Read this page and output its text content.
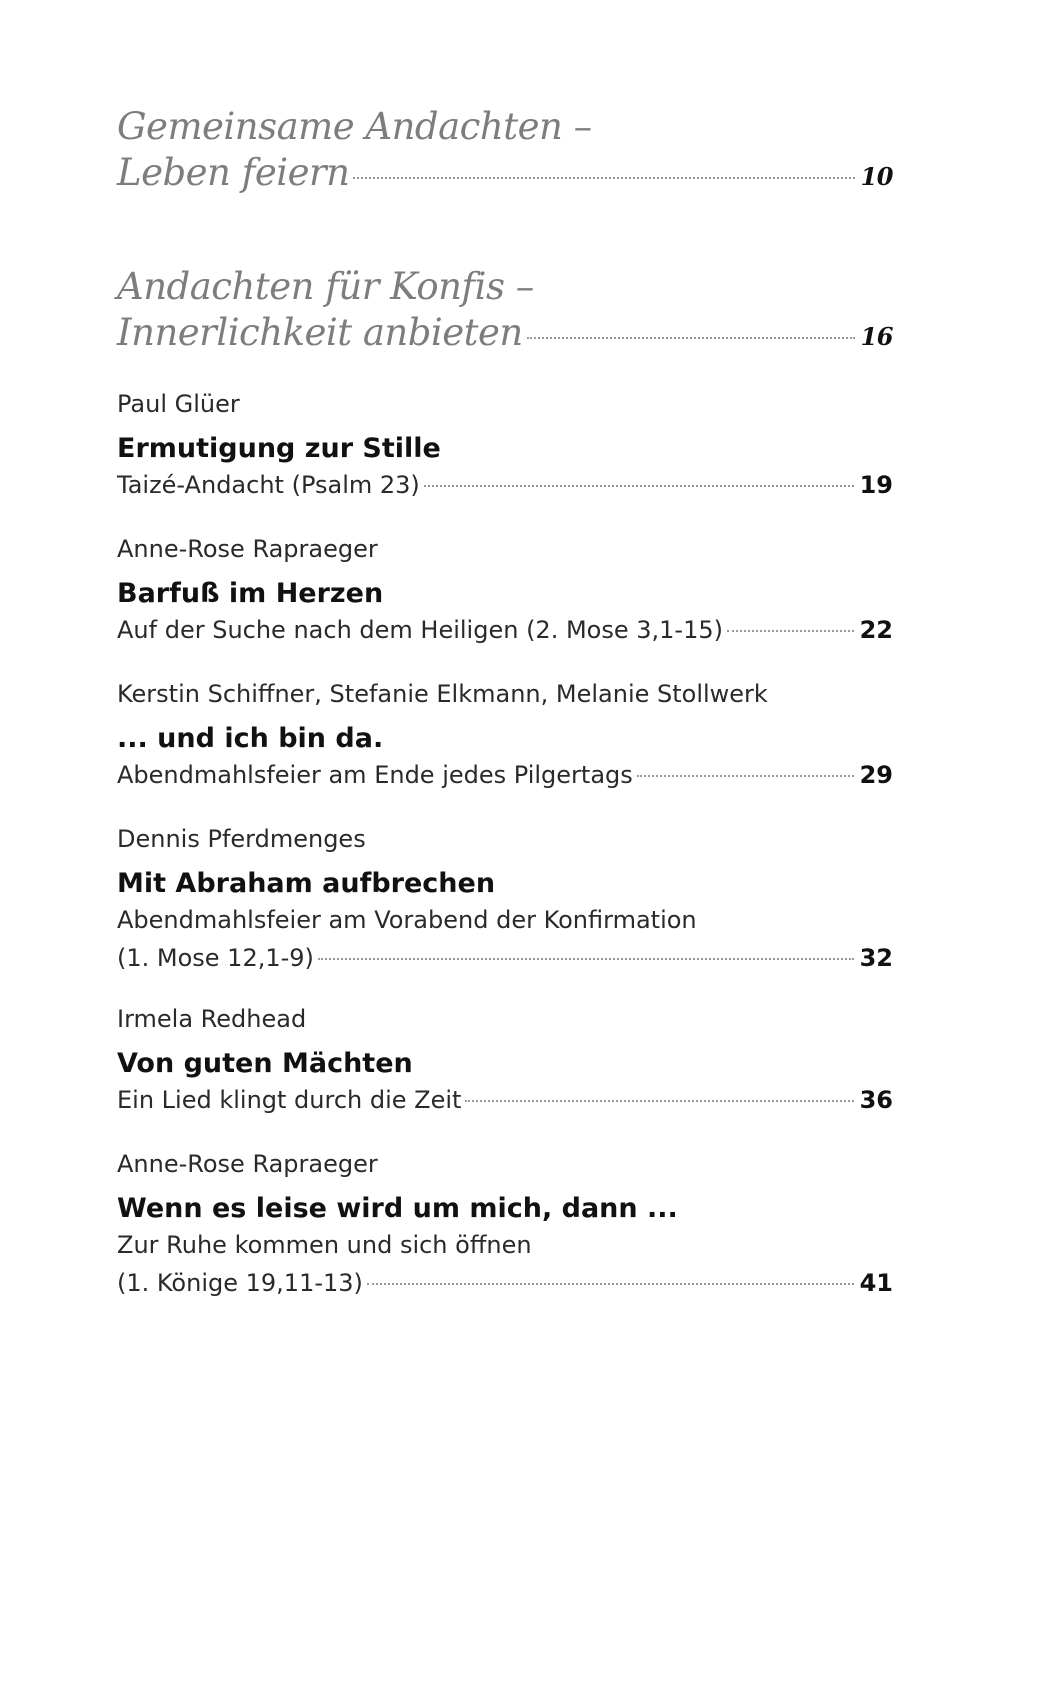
Gemeinsame Andachten –
Leben feiern	10
Andachten für Konfis –
Innerlichkeit anbieten	16
Paul Glüer
Ermutigung zur Stille
Taizé-Andacht (Psalm 23)	19
Anne-Rose Rapraeger
Barfuß im Herzen
Auf der Suche nach dem Heiligen (2. Mose 3,1-15)	22
Kerstin Schiffner, Stefanie Elkmann, Melanie Stollwerk
... und ich bin da.
Abendmahlsfeier am Ende jedes Pilgertags	29
Dennis Pferdmenges
Mit Abraham aufbrechen
Abendmahlsfeier am Vorabend der Konfirmation
(1. Mose 12,1-9)	32
Irmela Redhead
Von guten Mächten
Ein Lied klingt durch die Zeit	36
Anne-Rose Rapraeger
Wenn es leise wird um mich, dann ...
Zur Ruhe kommen und sich öffnen
(1. Könige 19,11-13)	41
